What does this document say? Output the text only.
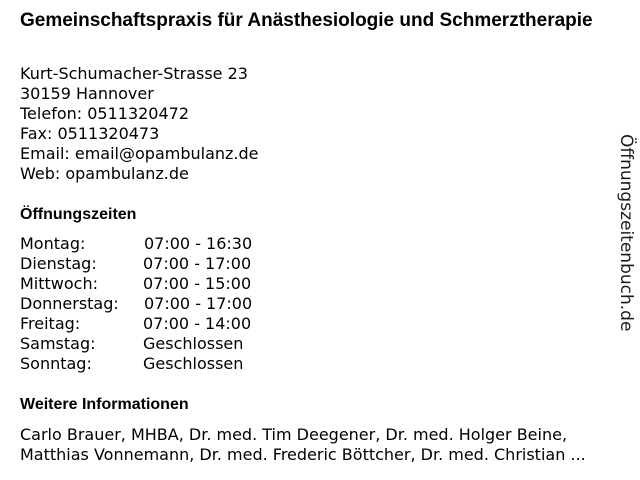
Gemeinschaftspraxis für Anästhesiologie und Schmerztherapie
Kurt-Schumacher-Strasse 23
30159 Hannover
Telefon: 0511320472
Fax: 0511320473
Email: email@opambulanz.de
Web: opambulanz.de
Öffnungszeiten
Montag:	07:00 - 16:30
Dienstag:	07:00 - 17:00
Mittwoch:	07:00 - 15:00
Donnerstag: 07:00 - 17:00
Freitag:	07:00 - 14:00
Samstag:	Geschlossen
Sonntag:	Geschlossen
Weitere Informationen
Carlo Brauer, MHBA, Dr. med. Tim Deegener, Dr. med. Holger Beine,
Matthias Vonnemann, Dr. med. Frederic Böttcher, Dr. med. Christian ...
Öffnungszeitenbuch.de
